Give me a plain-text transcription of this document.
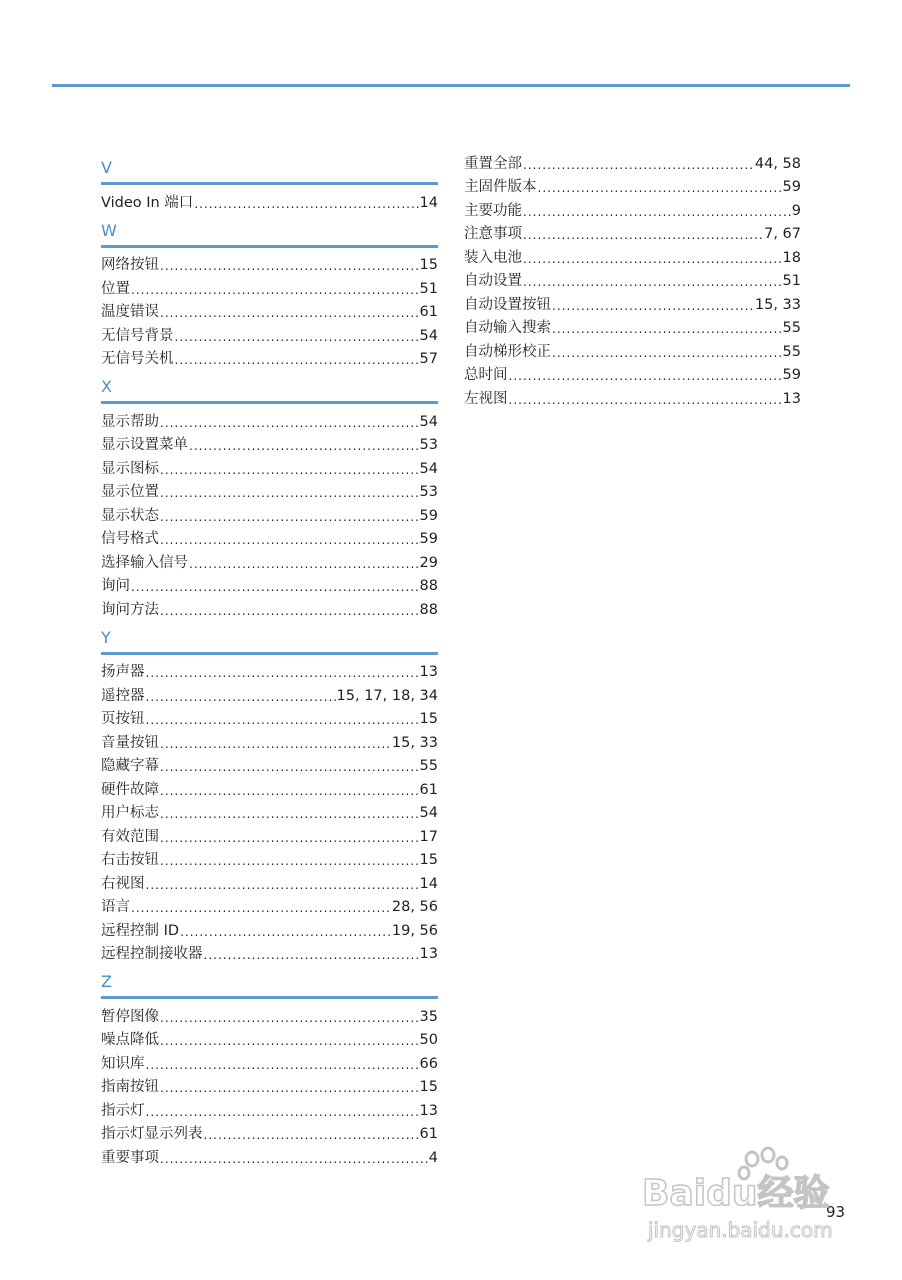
V
Video In 端口 .....	14
W
网络按钮 .....	15
位置 .....	51
温度错误 .....	61
无信号背景 .....	54
无信号关机 .....	57
X
显示帮助 .....	54
显示设置菜单 .....	53
显示图标 .....	54
显示位置 .....	53
显示状态 .....	59
信号格式 .....	59
选择输入信号 .....	29
询问 .....	88
询问方法 .....	88
Y
扬声器 .....	13
遥控器 .....	15, 17, 18, 34
页按钮 .....	15
音量按钮 .....	15, 33
隐藏字幕 .....	55
硬件故障 .....	61
用户标志 .....	54
有效范围 .....	17
右击按钮 .....	15
右视图 .....	14
语言 .....	28, 56
远程控制 ID .....	19, 56
远程控制接收器 .....	13
Z
暂停图像 .....	35
噪点降低 .....	50
知识库 .....	66
指南按钮 .....	15
指示灯 .....	13
指示灯显示列表 .....	61
重要事项 .....	4
重置全部 .....	44, 58
主固件版本 .....	59
主要功能 .....	9
注意事项 .....	7, 67
装入电池 .....	18
自动设置 .....	51
自动设置按钮 .....	15, 33
自动输入搜索 .....	55
自动梯形校正 .....	55
总时间 .....	59
左视图 .....	13
93
Baidu经验
jingyan.baidu.com
